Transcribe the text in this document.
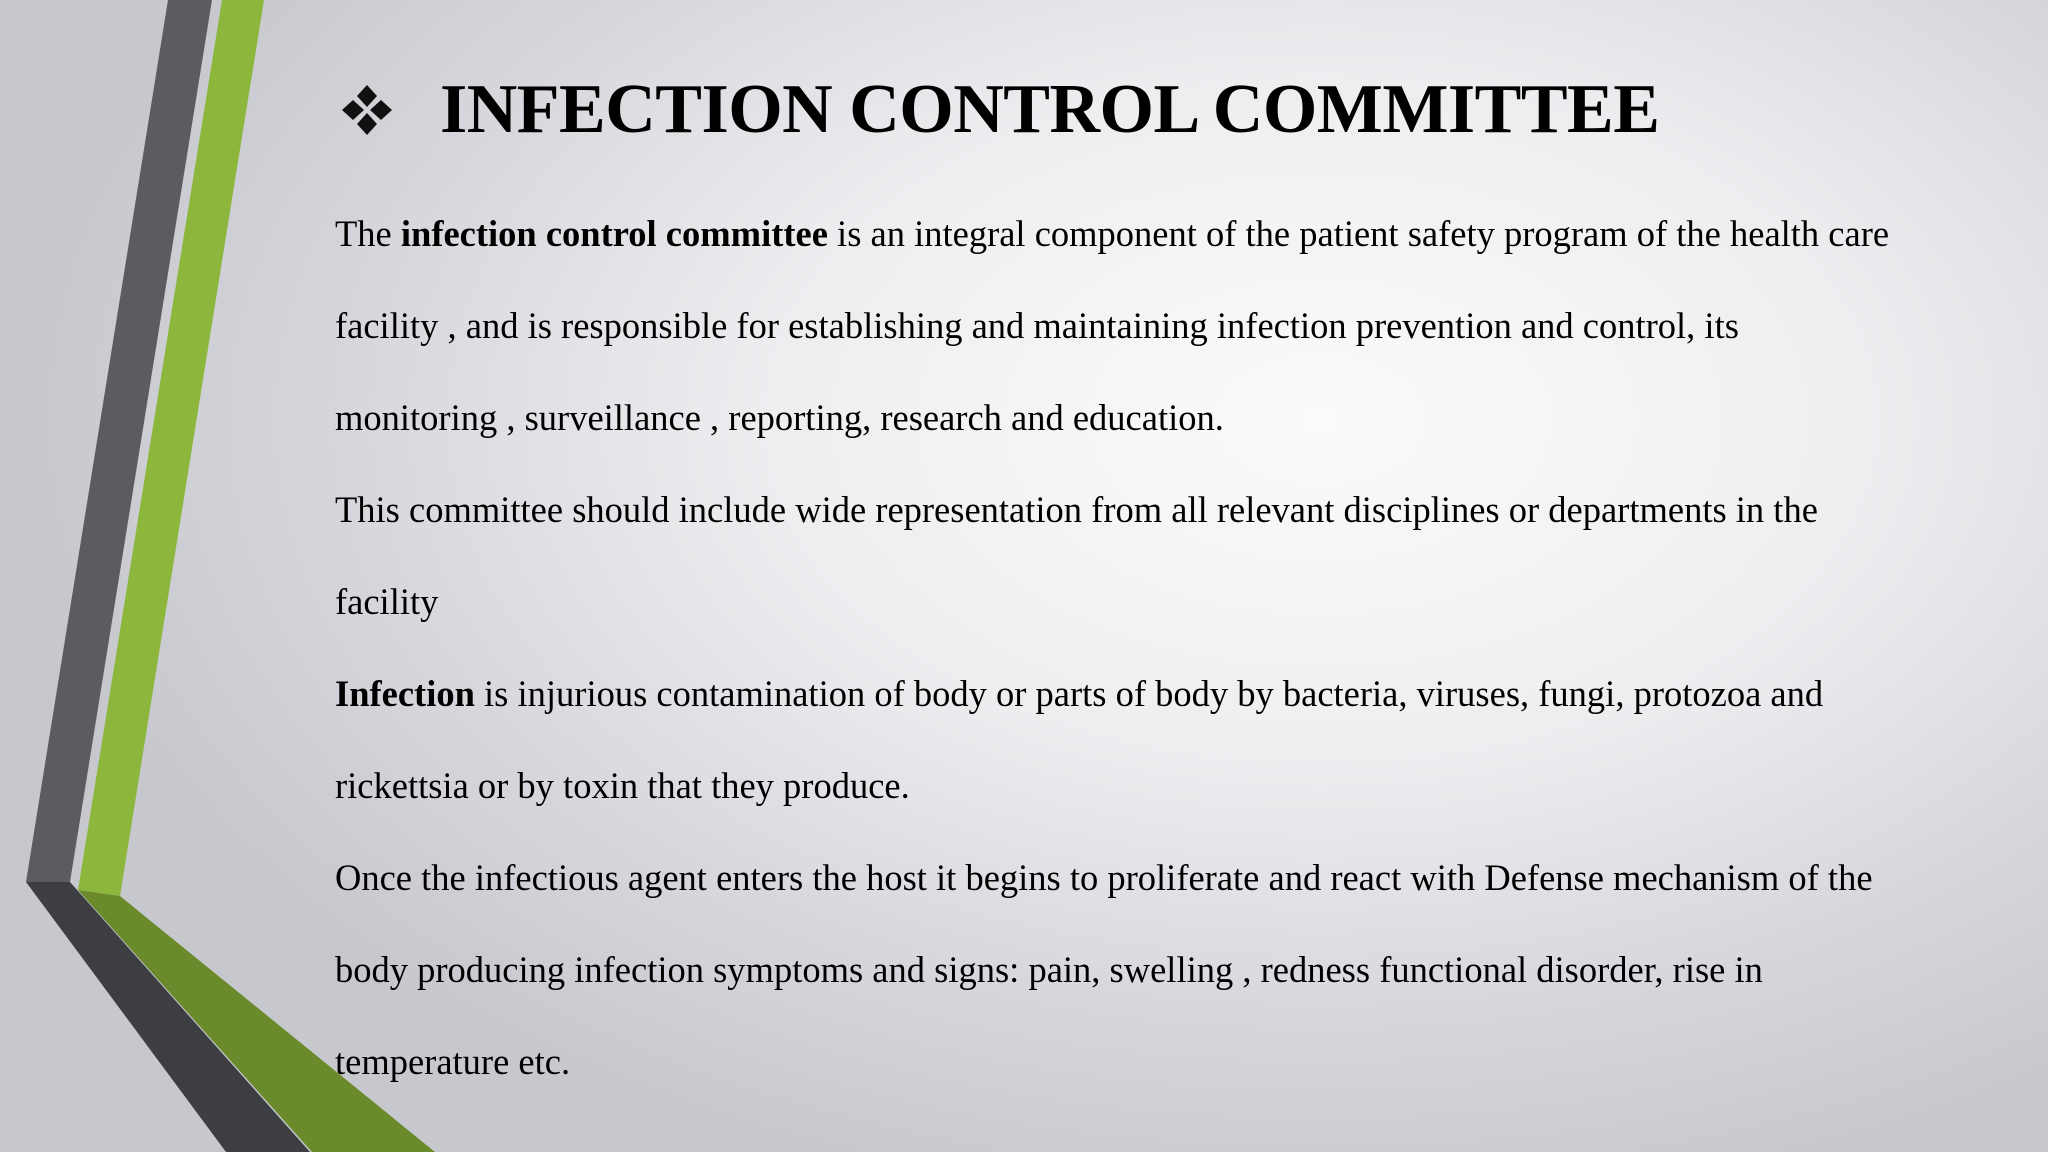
INFECTION CONTROL COMMITTEE
The infection control committee is an integral component of the patient safety program of the health care
facility , and is responsible for establishing and maintaining infection prevention and control, its
monitoring , surveillance , reporting, research and education.
This committee should include wide representation from all relevant disciplines or departments in the
facility
Infection is injurious contamination of body or parts of body by bacteria, viruses, fungi, protozoa and
rickettsia or by toxin that they produce.
Once the infectious agent enters the host it begins to proliferate and react with Defense mechanism of the
body producing infection symptoms and signs: pain, swelling , redness functional disorder, rise in
temperature etc.
